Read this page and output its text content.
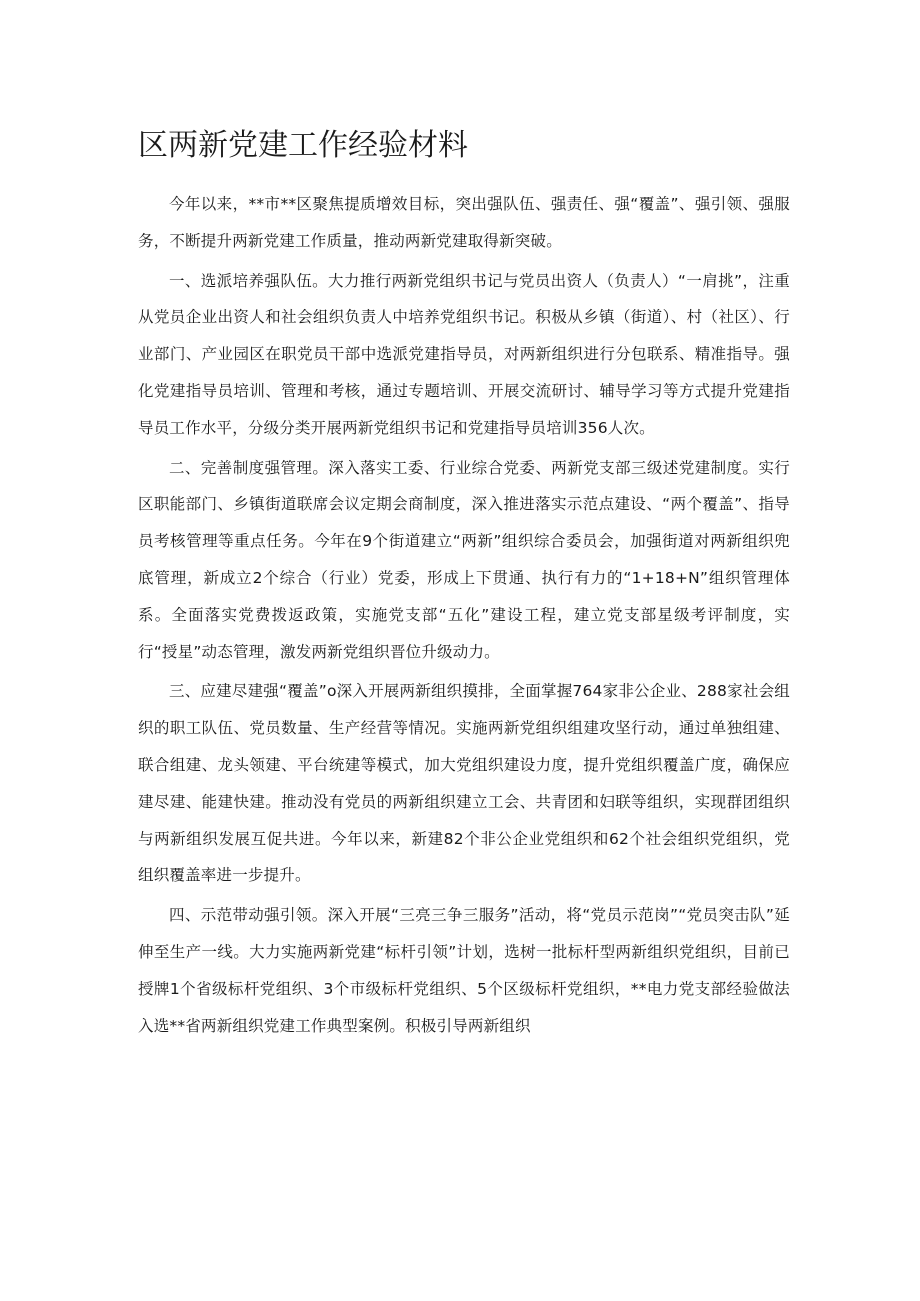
区两新党建工作经验材料

今年以来，**市**区聚焦提质增效目标，突出强队伍、强责任、强“覆盖”、强引领、强服务，不断提升两新党建工作质量，推动两新党建取得新突破。

一、选派培养强队伍。大力推行两新党组织书记与党员出资人（负责人）“一肩挑”，注重从党员企业出资人和社会组织负责人中培养党组织书记。积极从乡镇（街道）、村（社区）、行业部门、产业园区在职党员干部中选派党建指导员，对两新组织进行分包联系、精准指导。强化党建指导员培训、管理和考核，通过专题培训、开展交流研讨、辅导学习等方式提升党建指导员工作水平，分级分类开展两新党组织书记和党建指导员培训356人次。

二、完善制度强管理。深入落实工委、行业综合党委、两新党支部三级述党建制度。实行区职能部门、乡镇街道联席会议定期会商制度，深入推进落实示范点建设、“两个覆盖”、指导员考核管理等重点任务。今年在9个街道建立“两新”组织综合委员会，加强街道对两新组织兜底管理，新成立2个综合（行业）党委，形成上下贯通、执行有力的“1+18+N”组织管理体系。全面落实党费拨返政策，实施党支部“五化”建设工程，建立党支部星级考评制度，实行“授星”动态管理，激发两新党组织晋位升级动力。

三、应建尽建强“覆盖”o深入开展两新组织摸排，全面掌握764家非公企业、288家社会组织的职工队伍、党员数量、生产经营等情况。实施两新党组织组建攻坚行动，通过单独组建、联合组建、龙头领建、平台统建等模式，加大党组织建设力度，提升党组织覆盖广度，确保应建尽建、能建快建。推动没有党员的两新组织建立工会、共青团和妇联等组织，实现群团组织与两新组织发展互促共进。今年以来，新建82个非公企业党组织和62个社会组织党组织，党组织覆盖率进一步提升。

四、示范带动强引领。深入开展“三亮三争三服务”活动，将“党员示范岗”“党员突击队”延伸至生产一线。大力实施两新党建“标杆引领”计划，选树一批标杆型两新组织党组织，目前已授牌1个省级标杆党组织、3个市级标杆党组织、5个区级标杆党组织，**电力党支部经验做法入选**省两新组织党建工作典型案例。积极引导两新组织
